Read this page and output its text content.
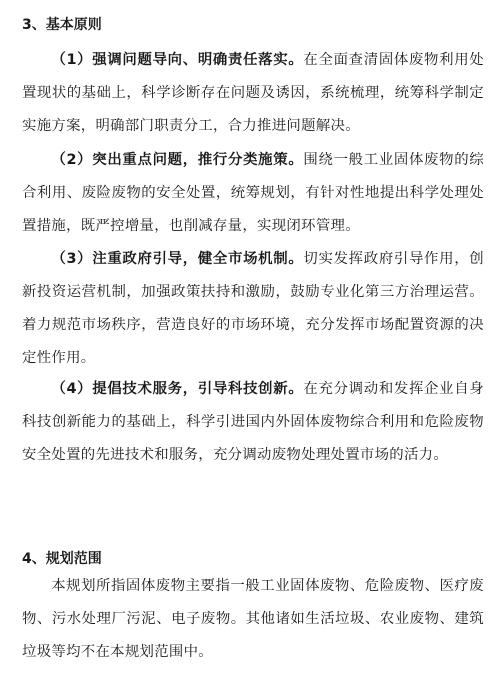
3、基本原则

（1）强调问题导向、明确责任落实。在全面查清固体废物利用处置现状的基础上，科学诊断存在问题及诱因，系统梳理，统筹科学制定实施方案，明确部门职责分工，合力推进问题解决。

（2）突出重点问题，推行分类施策。围绕一般工业固体废物的综合利用、废险废物的安全处置，统筹规划，有针对性地提出科学处理处置措施，既严控增量，也削减存量，实现闭环管理。

（3）注重政府引导，健全市场机制。切实发挥政府引导作用，创新投资运营机制，加强政策扶持和激励，鼓励专业化第三方治理运营。着力规范市场秩序，营造良好的市场环境，充分发挥市场配置资源的决定性作用。

（4）提倡技术服务，引导科技创新。在充分调动和发挥企业自身科技创新能力的基础上，科学引进国内外固体废物综合利用和危险废物安全处置的先进技术和服务，充分调动废物处理处置市场的活力。

4、规划范围

本规划所指固体废物主要指一般工业固体废物、危险废物、医疗废物、污水处理厂污泥、电子废物。其他诸如生活垃圾、农业废物、建筑垃圾等均不在本规划范围中。
